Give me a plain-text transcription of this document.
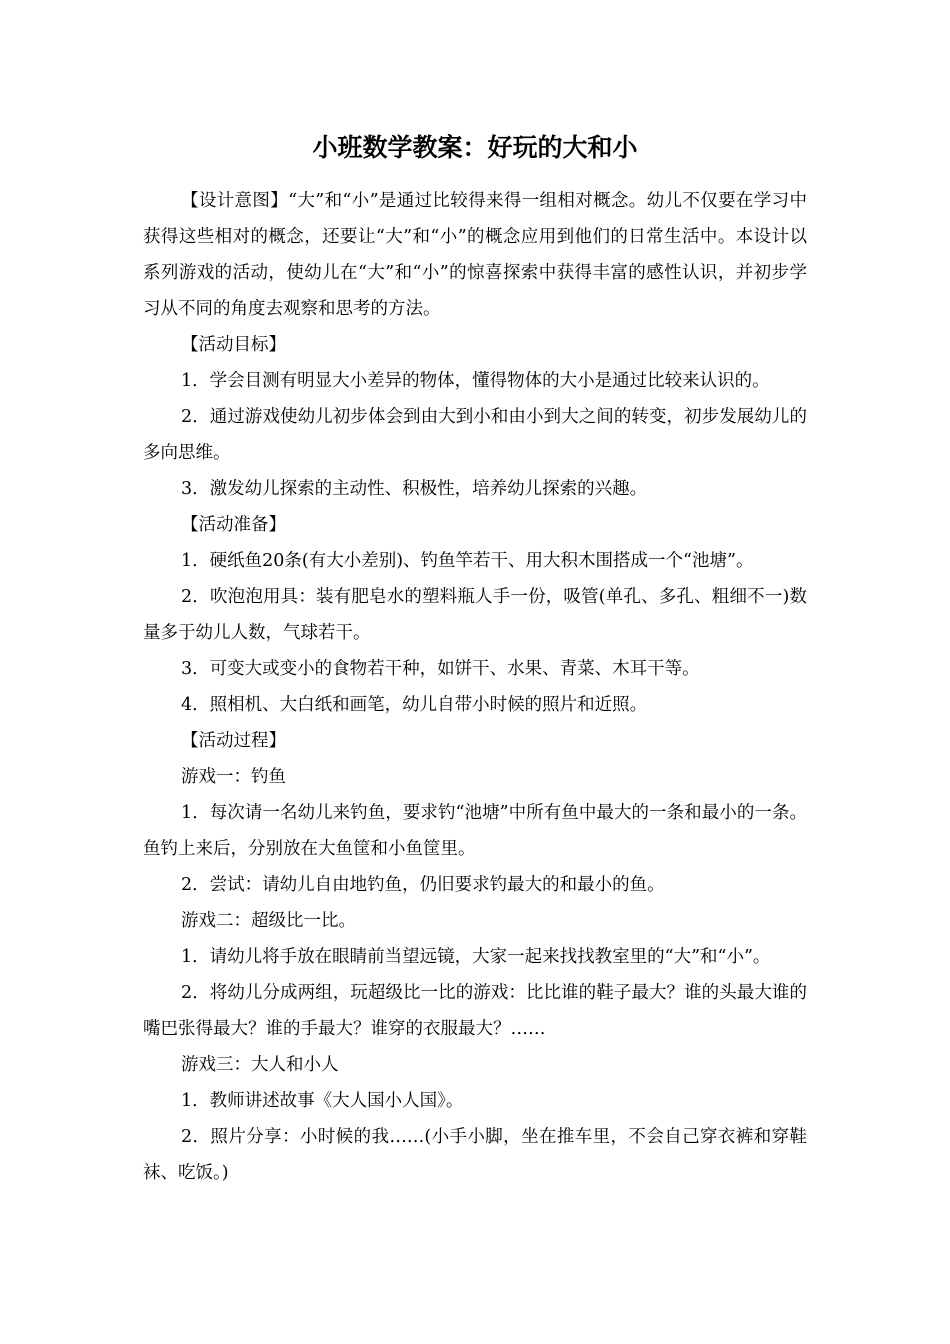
小班数学教案：好玩的大和小

【设计意图】“大”和“小”是通过比较得来得一组相对概念。幼儿不仅要在学习中获得这些相对的概念，还要让“大”和“小”的概念应用到他们的日常生活中。本设计以系列游戏的活动，使幼儿在“大”和“小”的惊喜探索中获得丰富的感性认识，并初步学习从不同的角度去观察和思考的方法。

【活动目标】

1．学会目测有明显大小差异的物体，懂得物体的大小是通过比较来认识的。

2．通过游戏使幼儿初步体会到由大到小和由小到大之间的转变，初步发展幼儿的多向思维。

3．激发幼儿探索的主动性、积极性，培养幼儿探索的兴趣。

【活动准备】

1．硬纸鱼20条(有大小差别)、钓鱼竿若干、用大积木围搭成一个“池塘”。

2．吹泡泡用具：装有肥皂水的塑料瓶人手一份，吸管(单孔、多孔、粗细不一)数量多于幼儿人数，气球若干。

3．可变大或变小的食物若干种，如饼干、水果、青菜、木耳干等。

4．照相机、大白纸和画笔，幼儿自带小时候的照片和近照。

【活动过程】

游戏一：钓鱼

1．每次请一名幼儿来钓鱼，要求钓“池塘”中所有鱼中最大的一条和最小的一条。鱼钓上来后，分别放在大鱼筐和小鱼筐里。

2．尝试：请幼儿自由地钓鱼，仍旧要求钓最大的和最小的鱼。

游戏二：超级比一比。

1．请幼儿将手放在眼睛前当望远镜，大家一起来找找教室里的“大”和“小”。

2．将幼儿分成两组，玩超级比一比的游戏：比比谁的鞋子最大？谁的头最大谁的嘴巴张得最大？谁的手最大？谁穿的衣服最大？……

游戏三：大人和小人

1．教师讲述故事《大人国小人国》。

2．照片分享：小时候的我……(小手小脚，坐在推车里，不会自己穿衣裤和穿鞋袜、吃饭。)
